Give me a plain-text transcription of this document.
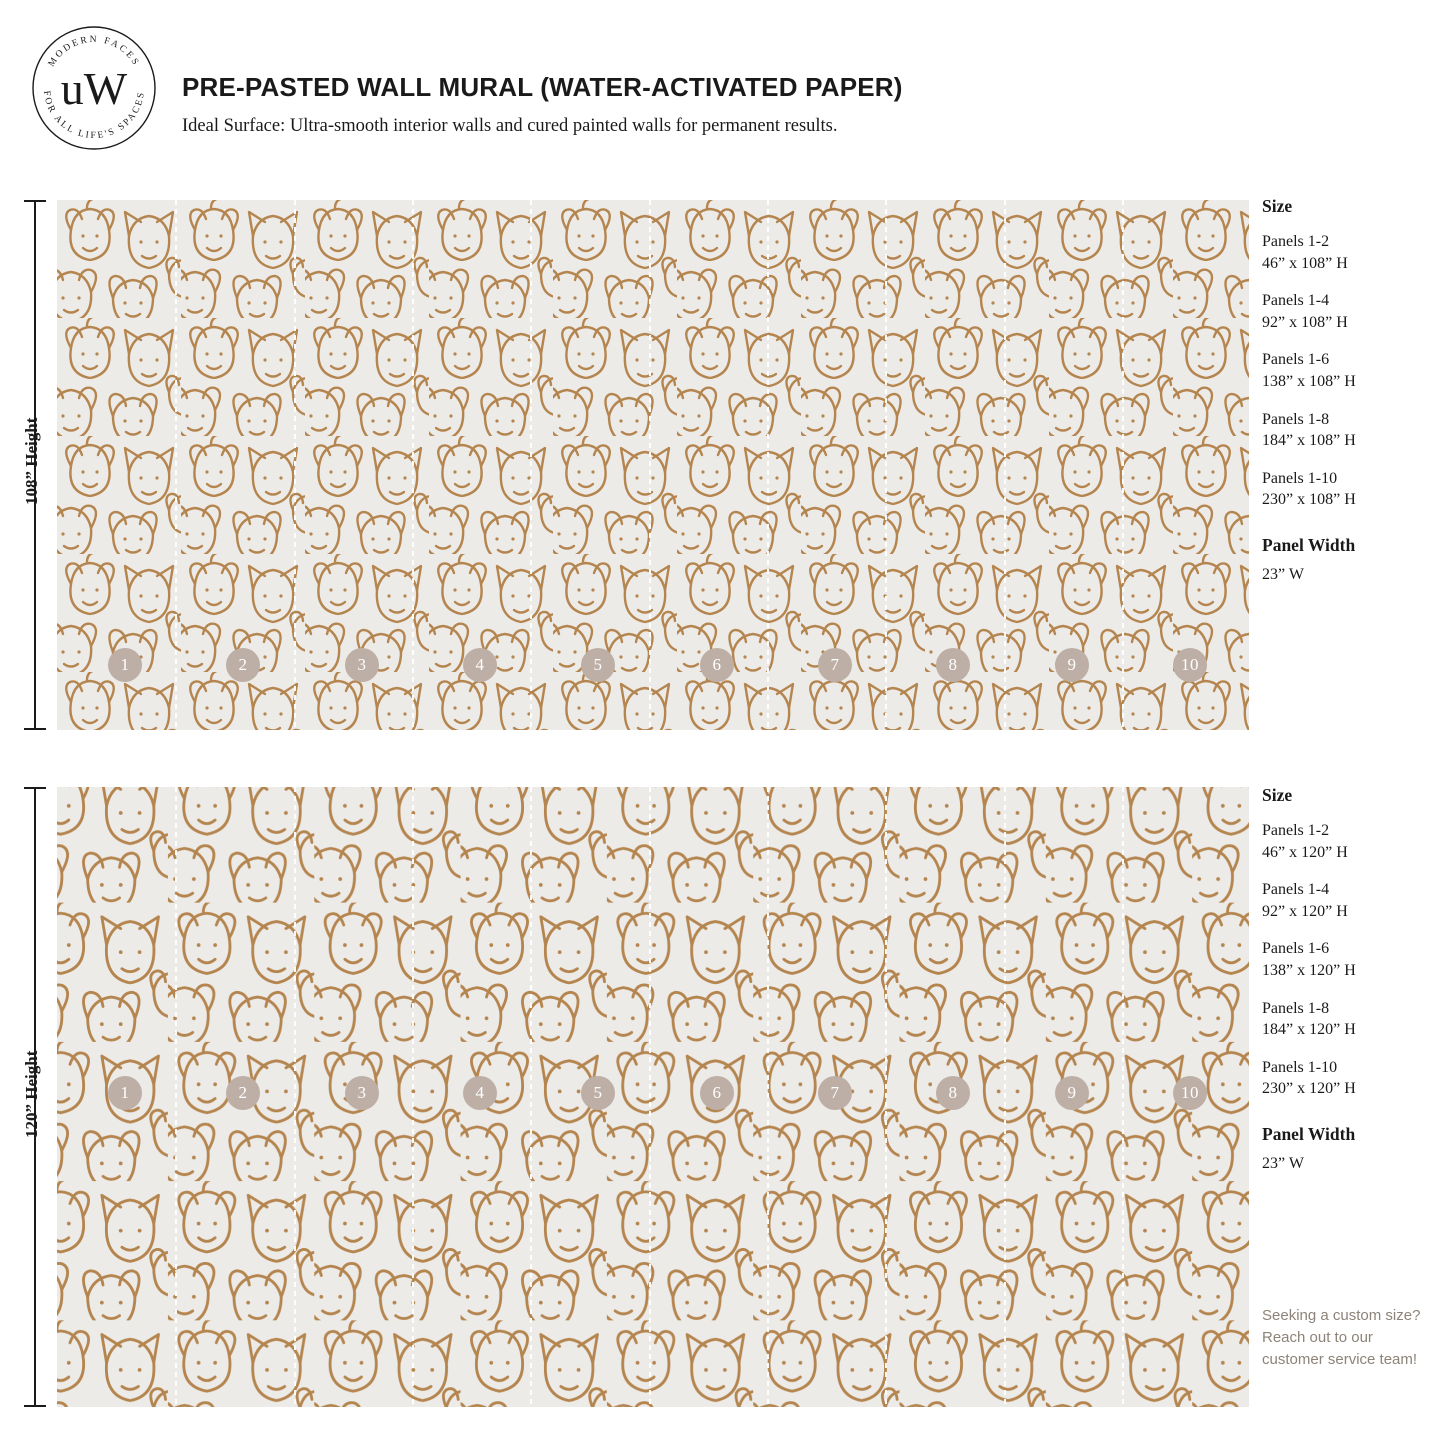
MODERN FACES
FOR ALL LIFE'S SPACES
uW PRE-PASTED WALL MURAL (WATER-ACTIVATED PAPER)
Ideal Surface: Ultra-smooth interior walls and cured painted walls for permanent results.
1	2	3	4	5	6	7	8	9	10
108” Height
Size
Panels 1-2
46” x 108” H
Panels 1-4
92” x 108” H
Panels 1-6
138” x 108” H
Panels 1-8
184” x 108” H
Panels 1-10
230” x 108” H
Panel Width
23” W
1	2	3	4	5	6	7	8	9	10
120” Height
Size
Panels 1-2
46” x 120” H
Panels 1-4
92” x 120” H
Panels 1-6
138” x 120” H
Panels 1-8
184” x 120” H
Panels 1-10
230” x 120” H
Panel Width
23” W
Seeking a custom size? Reach out to our customer service team!
